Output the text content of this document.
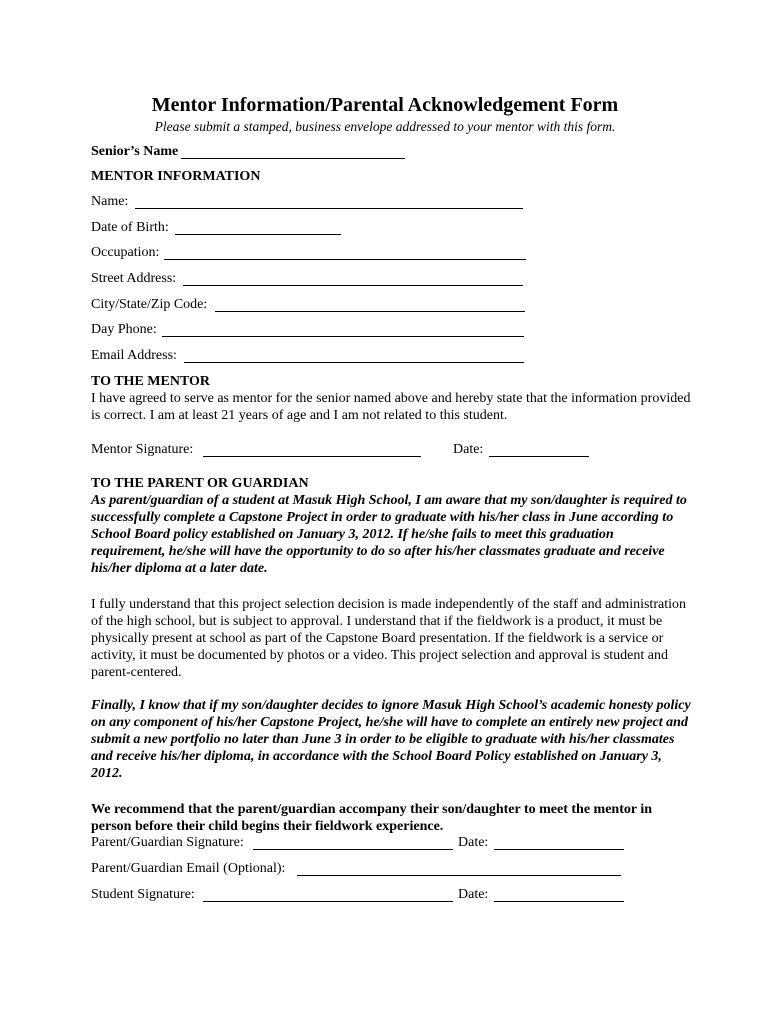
Mentor Information/Parental Acknowledgement Form
Please submit a stamped, business envelope addressed to your mentor with this form.
Senior’s Name
MENTOR INFORMATION
Name:
Date of Birth:
Occupation:
Street Address:
City/State/Zip Code:
Day Phone:
Email Address:
TO THE MENTOR
I have agreed to serve as mentor for the senior named above and hereby state that the information provided is correct. I am at least 21 years of age and I am not related to this student.
Mentor Signature:	Date:
TO THE PARENT OR GUARDIAN
As parent/guardian of a student at Masuk High School, I am aware that my son/daughter is required to successfully complete a Capstone Project in order to graduate with his/her class in June according to School Board policy established on January 3, 2012. If he/she fails to meet this graduation requirement, he/she will have the opportunity to do so after his/her classmates graduate and receive his/her diploma at a later date.
I fully understand that this project selection decision is made independently of the staff and administration of the high school, but is subject to approval. I understand that if the fieldwork is a product, it must be physically present at school as part of the Capstone Board presentation. If the fieldwork is a service or activity, it must be documented by photos or a video. This project selection and approval is student and parent-centered.
Finally, I know that if my son/daughter decides to ignore Masuk High School’s academic honesty policy on any component of his/her Capstone Project, he/she will have to complete an entirely new project and submit a new portfolio no later than June 3 in order to be eligible to graduate with his/her classmates and receive his/her diploma, in accordance with the School Board Policy established on January 3, 2012.
We recommend that the parent/guardian accompany their son/daughter to meet the mentor in person before their child begins their fieldwork experience.
Parent/Guardian Signature:	Date:
Parent/Guardian Email (Optional):
Student Signature:	Date:
